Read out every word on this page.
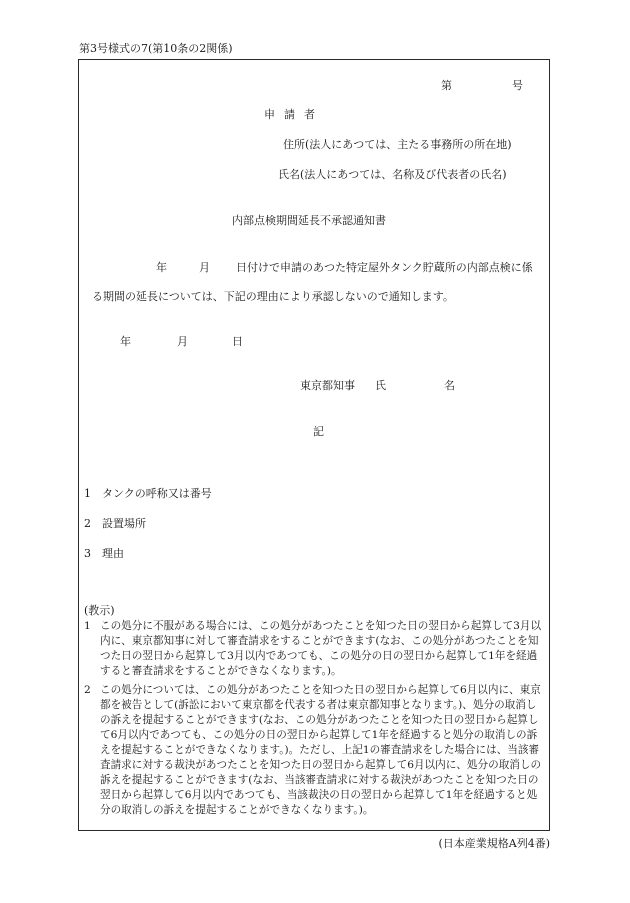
第3号様式の7(第10条の2関係)
第	号
申請者
住所(法人にあつては、主たる事務所の所在地)
氏名(法人にあつては、名称及び代表者の氏名)
内部点検期間延長不承認通知書
年	月 日付けで申請のあつた特定屋外タンク貯蔵所の内部点検に係
る期間の延長については、下記の理由により承認しないので通知します。
年	月	日
東京都知事 氏	名
記
1 タンクの呼称又は番号
2 設置場所
3 理由
(教示)
1 この処分に不服がある場合には、この処分があつたことを知つた日の翌日から起算して3月以内に、東京都知事に対して審査請求をすることができます(なお、この処分があつたことを知つた日の翌日から起算して3月以内であつても、この処分の日の翌日から起算して1年を経過すると審査請求をすることができなくなります。)。
2 この処分については、この処分があつたことを知つた日の翌日から起算して6月以内に、東京都を被告として(訴訟において東京都を代表する者は東京都知事となります。)、処分の取消しの訴えを提起することができます(なお、この処分があつたことを知つた日の翌日から起算して6月以内であつても、この処分の日の翌日から起算して1年を経過すると処分の取消しの訴えを提起することができなくなります。)。ただし、上記1の審査請求をした場合には、当該審査請求に対する裁決があつたことを知つた日の翌日から起算して6月以内に、処分の取消しの訴えを提起することができます(なお、当該審査請求に対する裁決があつたことを知つた日の翌日から起算して6月以内であつても、当該裁決の日の翌日から起算して1年を経過すると処分の取消しの訴えを提起することができなくなります。)。
(日本産業規格A列4番)
